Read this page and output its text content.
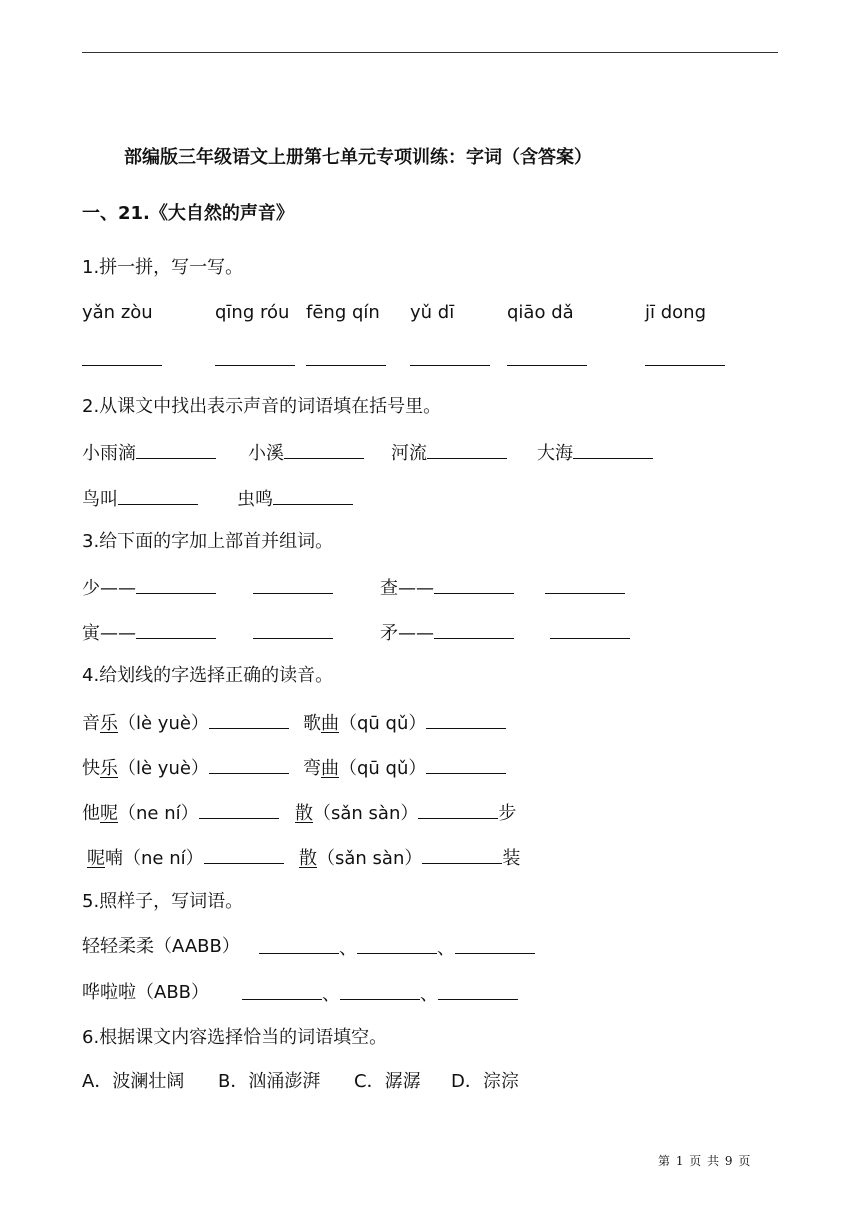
部编版三年级语文上册第七单元专项训练：字词（含答案）
一、21.《大自然的声音》
1.拼一拼，写一写。
yǎn zòu	qīng róu fēng qín yǔ dī	qiāo dǎ	jī dong
2.从课文中找出表示声音的词语填在括号里。
小雨滴	小溪	河流	大海
鸟叫	虫鸣
3.给下面的字加上部首并组词。
少——	查——
寅——	矛——
4.给划线的字选择正确的读音。
音乐（lè yuè）	歌曲（qū qǔ）
快乐（lè yuè）	弯曲（qū qǔ）
他呢（ne ní）	散（sǎn sàn）	步
呢喃（ne ní）	散（sǎn sàn）	装
5.照样子，写词语。
轻轻柔柔（AABB）	、	、
哗啦啦（ABB）	、	、
6.根据课文内容选择恰当的词语填空。
A．波澜壮阔 B．汹涌澎湃 C．潺潺 D．淙淙
第 1 页 共 9 页
